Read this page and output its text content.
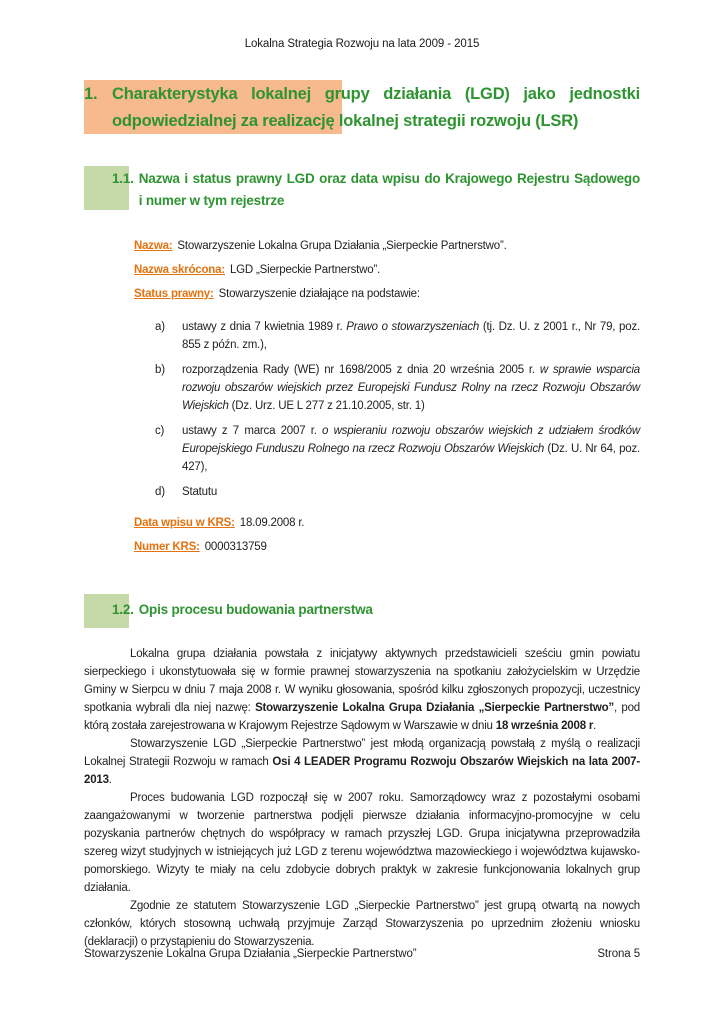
Lokalna Strategia Rozwoju na lata 2009 - 2015
1. Charakterystyka lokalnej grupy działania (LGD) jako jednostki
odpowiedzialnej za realizację lokalnej strategii rozwoju (LSR)
1.1. Nazwa i status prawny LGD oraz data wpisu do Krajowego Rejestru Sądowego
i numer w tym rejestrze
Nazwa: Stowarzyszenie Lokalna Grupa Działania „Sierpeckie Partnerstwo”.
Nazwa skrócona: LGD „Sierpeckie Partnerstwo”.
Status prawny: Stowarzyszenie działające na podstawie:
a)	ustawy z dnia 7 kwietnia 1989 r. Prawo o stowarzyszeniach (tj. Dz. U. z 2001 r., Nr 79, poz. 855 z późn. zm.),
b)	rozporządzenia Rady (WE) nr 1698/2005 z dnia 20 września 2005 r. w sprawie wsparcia rozwoju obszarów wiejskich przez Europejski Fundusz Rolny na rzecz Rozwoju Obszarów Wiejskich (Dz. Urz. UE L 277 z 21.10.2005, str. 1)
c)	ustawy z 7 marca 2007 r. o wspieraniu rozwoju obszarów wiejskich z udziałem środków Europejskiego Funduszu Rolnego na rzecz Rozwoju Obszarów Wiejskich (Dz. U. Nr 64, poz. 427),
d)	Statutu
Data wpisu w KRS: 18.09.2008 r.
Numer KRS: 0000313759
1.2. Opis procesu budowania partnerstwa

Lokalna grupa działania powstała z inicjatywy aktywnych przedstawicieli sześciu gmin powiatu sierpeckiego i ukonstytuowała się w formie prawnej stowarzyszenia na spotkaniu założycielskim w Urzędzie Gminy w Sierpcu w dniu 7 maja 2008 r. W wyniku głosowania, spośród kilku zgłoszonych propozycji, uczestnicy spotkania wybrali dla niej nazwę: Stowarzyszenie Lokalna Grupa Działania „Sierpeckie Partnerstwo”, pod którą została zarejestrowana w Krajowym Rejestrze Sądowym w Warszawie w dniu 18 września 2008 r.

Stowarzyszenie LGD „Sierpeckie Partnerstwo” jest młodą organizacją powstałą z myślą o realizacji Lokalnej Strategii Rozwoju w ramach Osi 4 LEADER Programu Rozwoju Obszarów Wiejskich na lata 2007-2013.

Proces budowania LGD rozpoczął się w 2007 roku. Samorządowcy wraz z pozostałymi osobami zaangażowanymi w tworzenie partnerstwa podjęli pierwsze działania informacyjno-promocyjne w celu pozyskania partnerów chętnych do współpracy w ramach przyszłej LGD. Grupa inicjatywna przeprowadziła szereg wizyt studyjnych w istniejących już LGD z terenu województwa mazowieckiego i województwa kujawsko-pomorskiego. Wizyty te miały na celu zdobycie dobrych praktyk w zakresie funkcjonowania lokalnych grup działania.

Zgodnie ze statutem Stowarzyszenie LGD „Sierpeckie Partnerstwo” jest grupą otwartą na nowych członków, których stosowną uchwałą przyjmuje Zarząd Stowarzyszenia po uprzednim złożeniu wniosku (deklaracji) o przystąpieniu do Stowarzyszenia.

Stowarzyszenie Lokalna Grupa Działania „Sierpeckie Partnerstwo”	Strona 5
